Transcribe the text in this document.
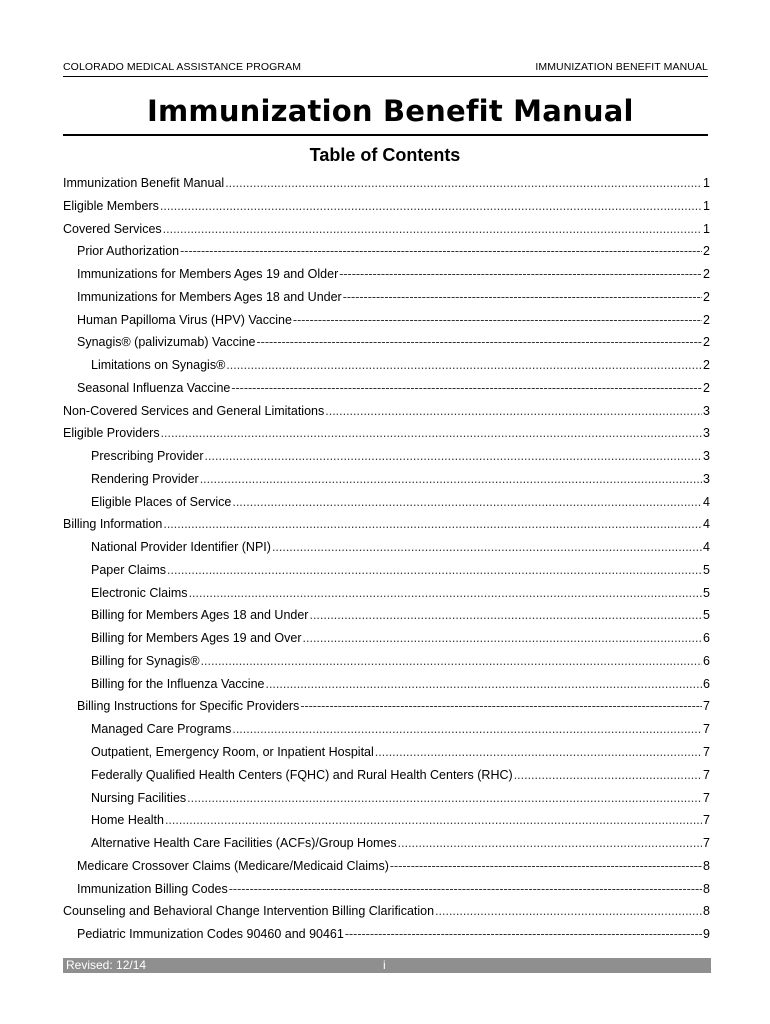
COLORADO MEDICAL ASSISTANCE PROGRAM	IMMUNIZATION BENEFIT MANUAL
Immunization Benefit Manual
Table of Contents
Immunization Benefit Manual .....	1
Eligible Members .....	1
Covered Services .....	1
Prior Authorization -----	2
Immunizations for Members Ages 19 and Older -----	2
Immunizations for Members Ages 18 and Under -----	2
Human Papilloma Virus (HPV) Vaccine -----	2
Synagis® (palivizumab) Vaccine -----	2
Limitations on Synagis® .....	2
Seasonal Influenza Vaccine -----	2
Non-Covered Services and General Limitations .....	3
Eligible Providers .....	3
Prescribing Provider .....	3
Rendering Provider .....	3
Eligible Places of Service .....	4
Billing Information .....	4
National Provider Identifier (NPI) .....	4
Paper Claims .....	5
Electronic Claims .....	5
Billing for Members Ages 18 and Under .....	5
Billing for Members Ages 19 and Over .....	6
Billing for Synagis® .....	6
Billing for the Influenza Vaccine .....	6
Billing Instructions for Specific Providers -----	7
Managed Care Programs .....	7
Outpatient, Emergency Room, or Inpatient Hospital .....	7
Federally Qualified Health Centers (FQHC) and Rural Health Centers (RHC) .....	7
Nursing Facilities .....	7
Home Health .....	7
Alternative Health Care Facilities (ACFs)/Group Homes .....	7
Medicare Crossover Claims (Medicare/Medicaid Claims) -----	8
Immunization Billing Codes -----	8
Counseling and Behavioral Change Intervention Billing Clarification .....	8
Pediatric Immunization Codes 90460 and 90461 -----	9
Revised: 12/14	i
